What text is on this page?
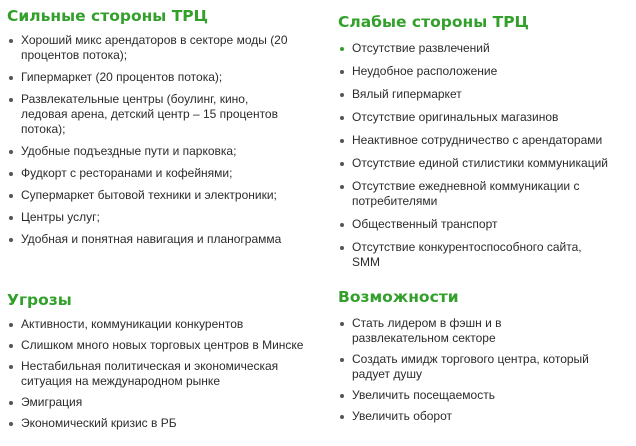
Сильные стороны ТРЦ
Хороший микс арендаторов в секторе моды (20
процентов потока);
Гипермаркет (20 процентов потока);
Развлекательные центры (боулинг, кино,
ледовая арена, детский центр – 15 процентов
потока);
Удобные подъездные пути и парковка;
Фудкорт с ресторанами и кофейнями;
Супермаркет бытовой техники и электроники;
Центры услуг;
Удобная и понятная навигация и планограмма
Слабые стороны ТРЦ
Отсутствие развлечений
Неудобное расположение
Вялый гипермаркет
Отсутствие оригинальных магазинов
Неактивное сотрудничество с арендаторами
Отсутствие единой стилистики коммуникаций
Отсутствие ежедневной коммуникации с
потребителями
Общественный транспорт
Отсутствие конкурентоспособного сайта,
SMM
Угрозы
Активности, коммуникации конкурентов
Слишком много новых торговых центров в Минске
Нестабильная политическая и экономическая
ситуация на международном рынке
Эмиграция
Экономический кризис в РБ
Возможности
Стать лидером в фэшн и в
развлекательном секторе
Создать имидж торгового центра, который
радует душу
Увеличить посещаемость
Увеличить оборот
